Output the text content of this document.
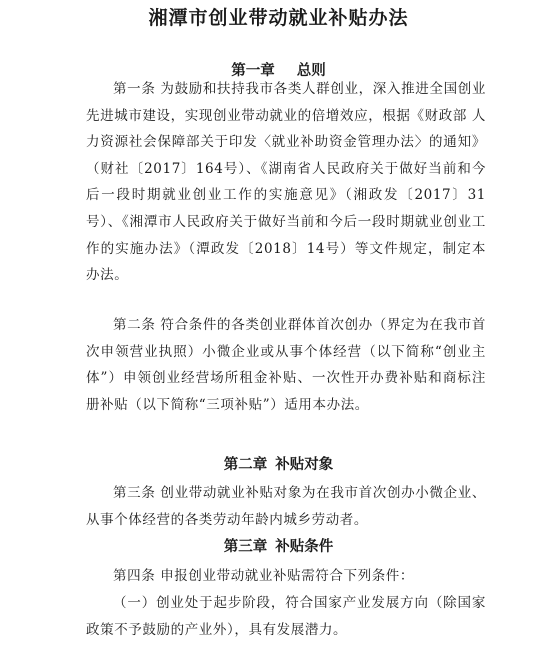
湘潭市创业带动就业补贴办法
第一章 总则

第一条 为鼓励和扶持我市各类人群创业，深入推进全国创业先进城市建设，实现创业带动就业的倍增效应，根据《财政部 人力资源社会保障部关于印发〈就业补助资金管理办法〉的通知》（财社〔2017〕164号）、《湖南省人民政府关于做好当前和今后一段时期就业创业工作的实施意见》（湘政发〔2017〕31号）、《湘潭市人民政府关于做好当前和今后一段时期就业创业工作的实施办法》（潭政发〔2018〕14号）等文件规定，制定本办法。

第二条 符合条件的各类创业群体首次创办（界定为在我市首次申领营业执照）小微企业或从事个体经营（以下简称“创业主体”）申领创业经营场所租金补贴、一次性开办费补贴和商标注册补贴（以下简称“三项补贴”）适用本办法。

第二章 补贴对象

第三条 创业带动就业补贴对象为在我市首次创办小微企业、从事个体经营的各类劳动年龄内城乡劳动者。

第三章 补贴条件

第四条 申报创业带动就业补贴需符合下列条件：

（一）创业处于起步阶段，符合国家产业发展方向（除国家政策不予鼓励的产业外），具有发展潜力。
